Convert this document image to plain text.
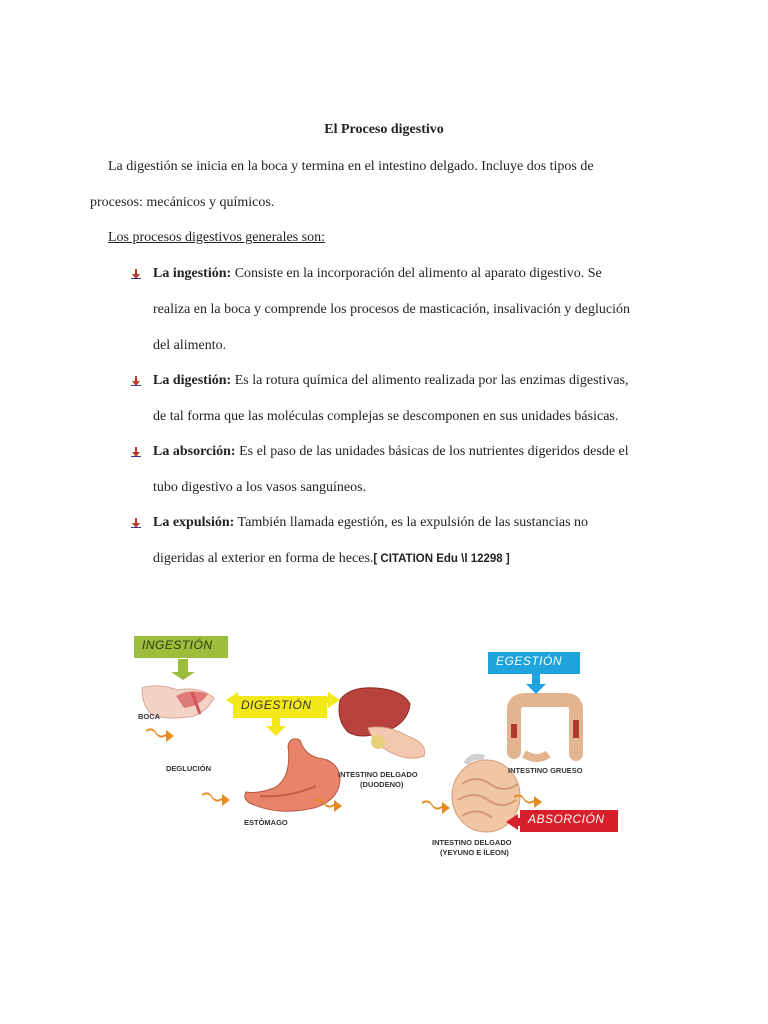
El Proceso digestivo
La digestión se inicia en la boca y termina en el intestino delgado. Incluye dos tipos de
procesos: mecánicos y químicos.
Los procesos digestivos generales son:
La ingestión: Consiste en la incorporación del alimento al aparato digestivo. Se
realiza en la boca y comprende los procesos de masticación, insalivación y deglución
del alimento.
La digestión: Es la rotura química del alimento realizada por las enzimas digestivas,
de tal forma que las moléculas complejas se descomponen en sus unidades básicas.
La absorción: Es el paso de las unidades básicas de los nutrientes digeridos desde el
tubo digestivo a los vasos sanguíneos.
La expulsión: También llamada egestión, es la expulsión de las sustancias no
digeridas al exterior en forma de heces.[ CITATION Edu \l 12298 ]
INGESTIÓN
DIGESTIÓN
EGESTIÓN
ABSORCIÓN
BOCA
DEGLUCIÓN
ESTÓMAGO
INTESTINO DELGADO
(DUODENO)
INTESTINO GRUESO
INTESTINO DELGADO
(YEYUNO E ÍLEON)
